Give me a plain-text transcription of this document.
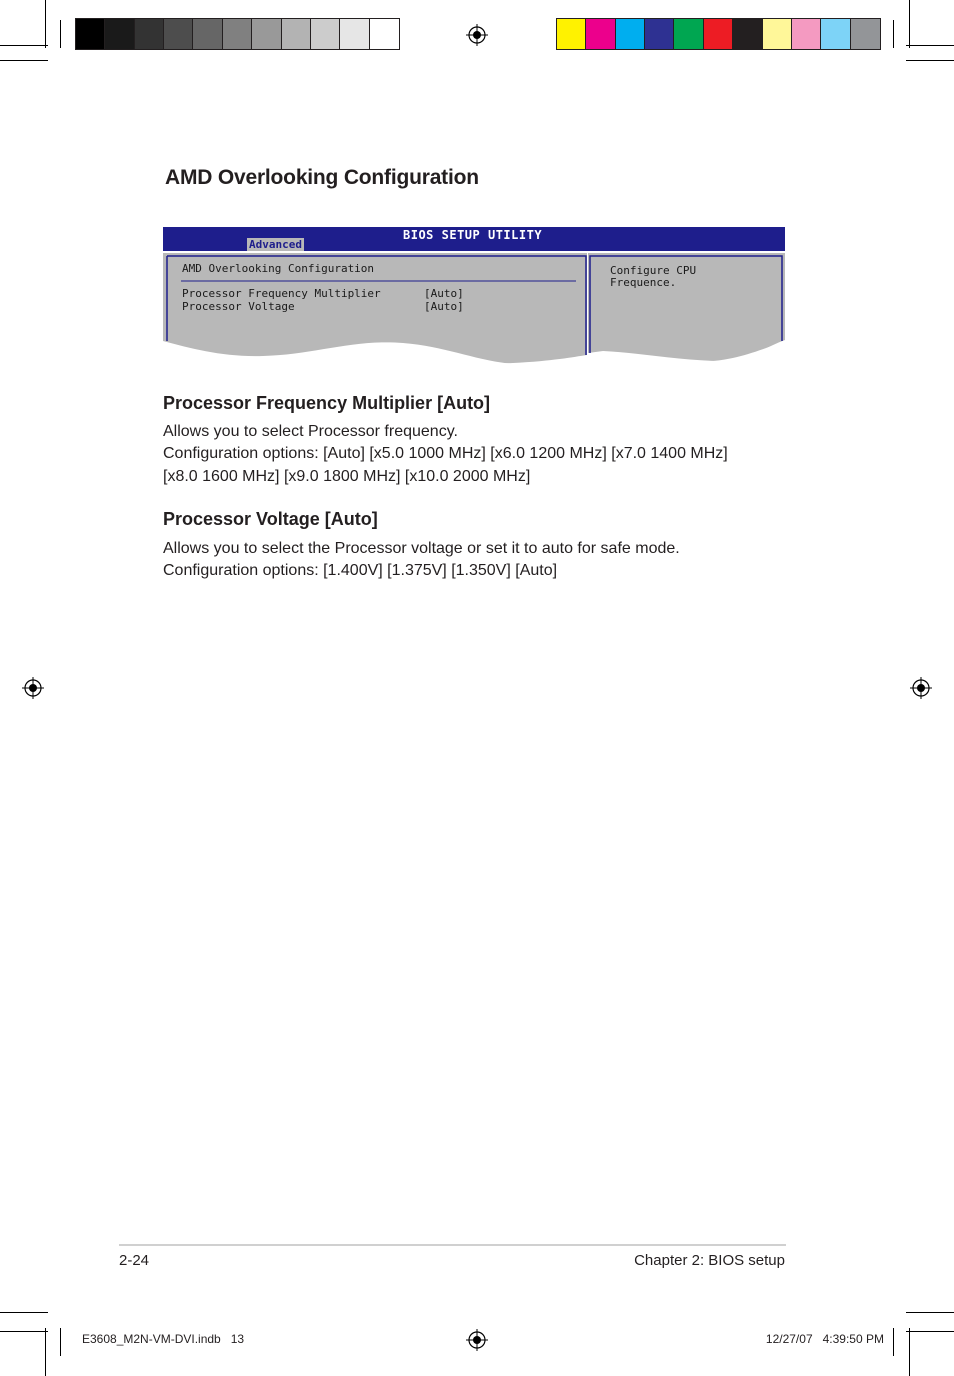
AMD Overlooking Configuration
BIOS SETUP UTILITY
Advanced
AMD Overlooking Configuration
Processor Frequency Multiplier	[Auto]
Processor Voltage	[Auto]
Configure CPU
Frequence.
Processor Frequency Multiplier [Auto]
Allows you to select Processor frequency.
Configuration options: [Auto] [x5.0 1000 MHz] [x6.0 1200 MHz] [x7.0 1400 MHz]
[x8.0 1600 MHz] [x9.0 1800 MHz] [x10.0 2000 MHz]
Processor Voltage [Auto]
Allows you to select the Processor voltage or set it to auto for safe mode.
Configuration options: [1.400V] [1.375V] [1.350V] [Auto]
2-24	Chapter 2: BIOS setup
E3608_M2N-VM-DVI.indb   13	12/27/07   4:39:50 PM
